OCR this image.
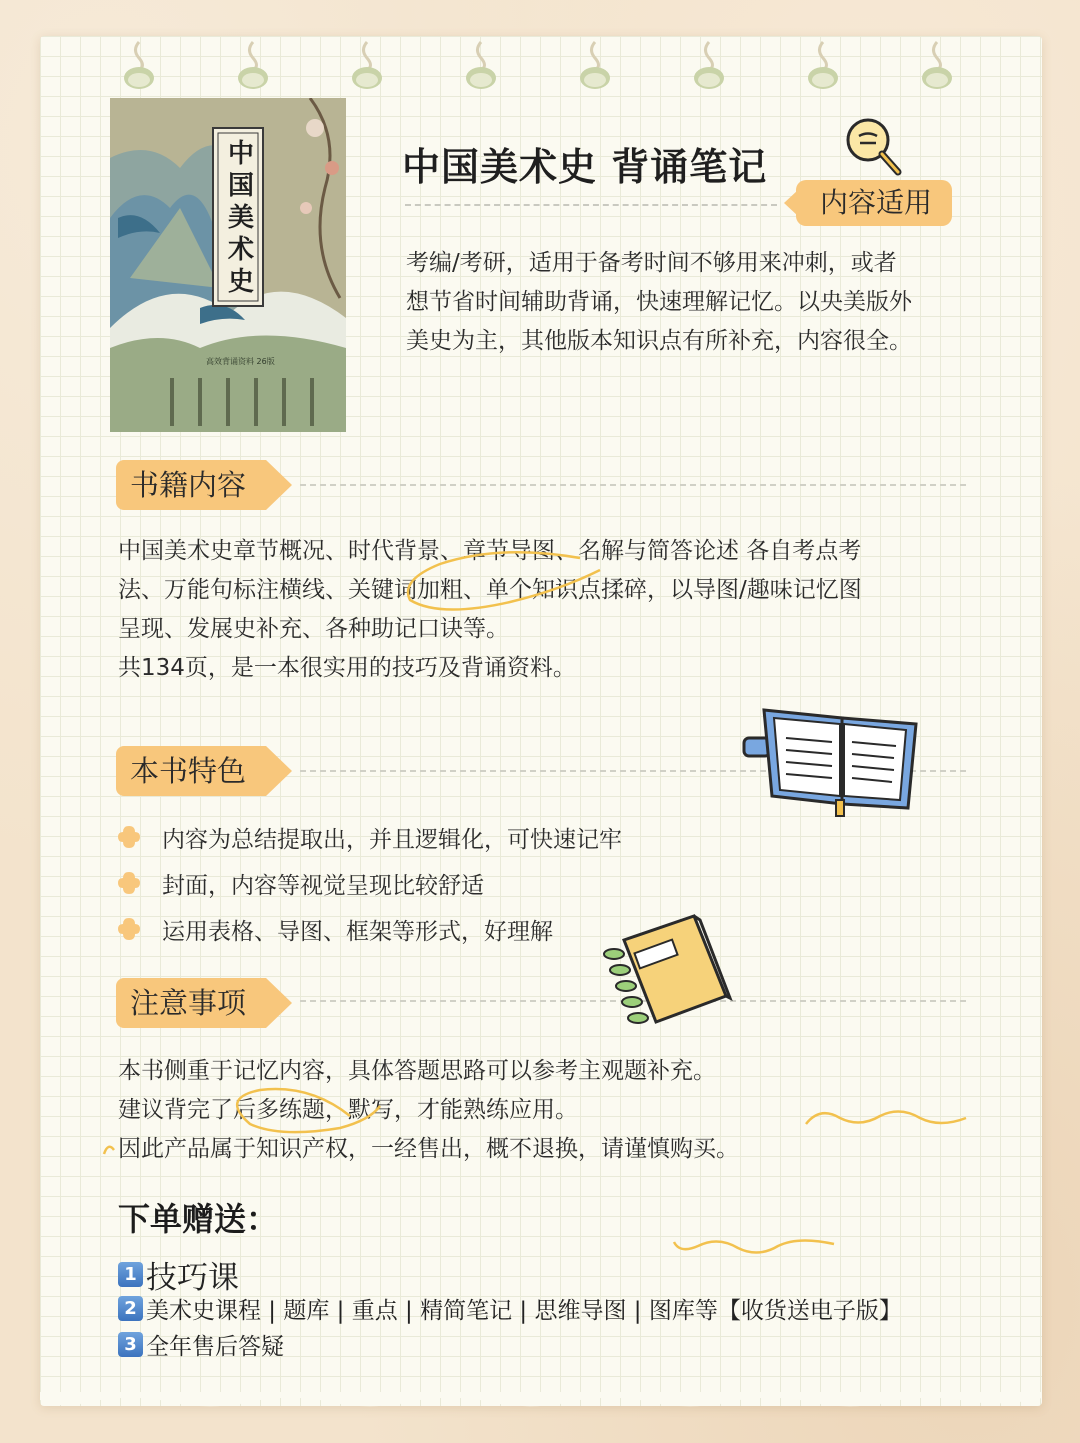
中国美术史
高效背诵资料 26版
中国美术史 背诵笔记
内容适用
考编/考研，适用于备考时间不够用来冲刺，或者
想节省时间辅助背诵，快速理解记忆。以央美版外
美史为主，其他版本知识点有所补充，内容很全。
书籍内容
中国美术史章节概况、时代背景、章节导图、名解与简答论述 各自考点考
法、万能句标注横线、关键词加粗、单个知识点揉碎，以导图/趣味记忆图
呈现、发展史补充、各种助记口诀等。
共134页，是一本很实用的技巧及背诵资料。
本书特色
内容为总结提取出，并且逻辑化，可快速记牢
封面，内容等视觉呈现比较舒适
运用表格、导图、框架等形式，好理解
注意事项
本书侧重于记忆内容，具体答题思路可以参考主观题补充。
建议背完了后多练题，默写，才能熟练应用。
因此产品属于知识产权，一经售出，概不退换，请谨慎购买。
下单赠送：
1 技巧课
2 美术史课程 | 题库 | 重点 | 精简笔记 | 思维导图 | 图库等【收货送电子版】
3 全年售后答疑
